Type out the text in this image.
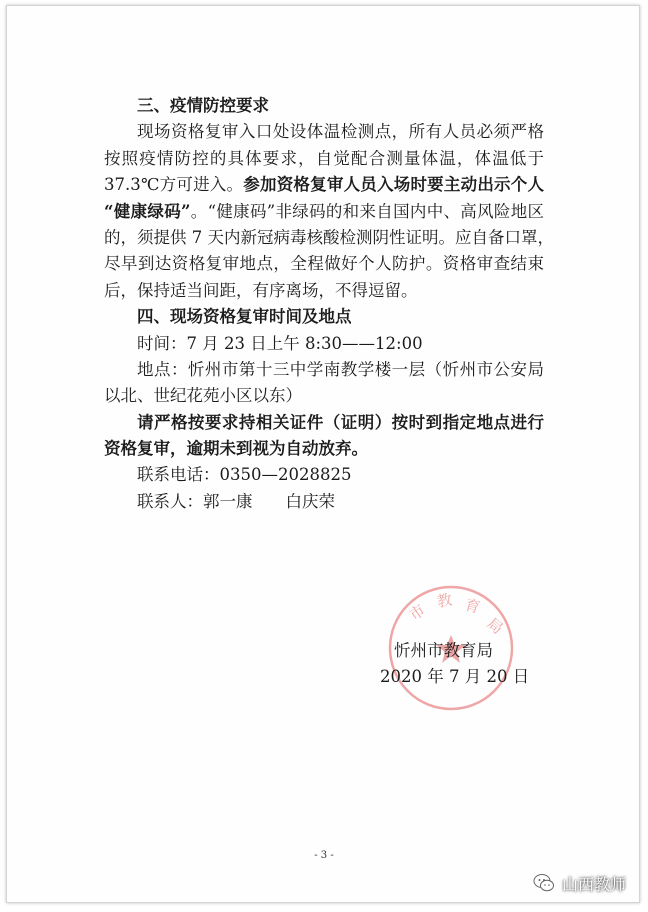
三、疫情防控要求
现场资格复审入口处设体温检测点，所有人员必须严格
按照疫情防控的具体要求，自觉配合测量体温，体温低于
37.3℃方可进入。参加资格复审人员入场时要主动出示个人
“健康绿码”。“健康码”非绿码的和来自国内中、高风险地区
的，须提供 7 天内新冠病毒核酸检测阴性证明。应自备口罩，
尽早到达资格复审地点，全程做好个人防护。资格审查结束
后，保持适当间距，有序离场，不得逗留。
四、现场资格复审时间及地点
时间：7 月 23 日上午 8:30——12:00
地点：忻州市第十三中学南教学楼一层（忻州市公安局
以北、世纪花苑小区以东）
请严格按要求持相关证件（证明）按时到指定地点进行
资格复审，逾期未到视为自动放弃。
联系电话：0350—2028825
联系人：郭一康　　白庆荣
市
教 育
局
忻州市教育局
2020 年 7 月 20 日
- 3 -
山西教师
